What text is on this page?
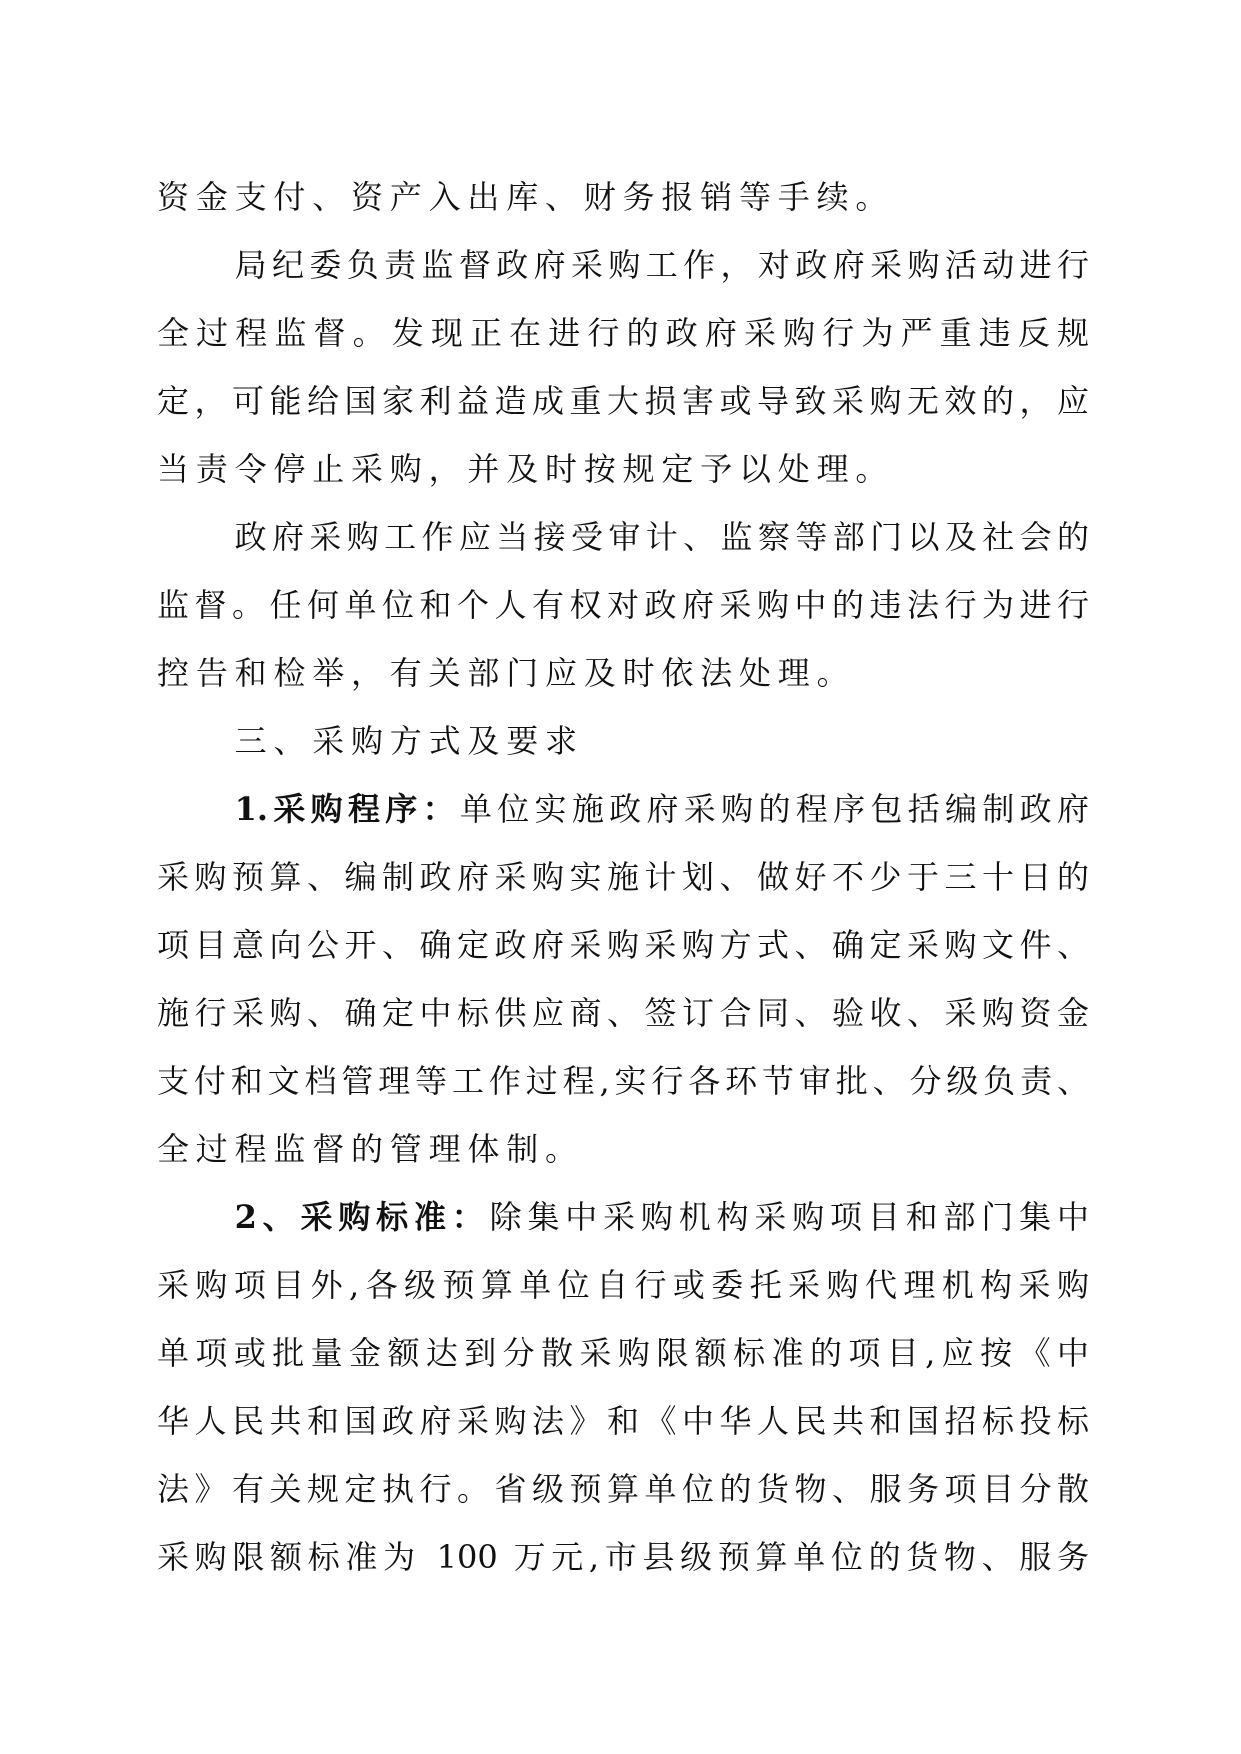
资金支付、资产入出库、财务报销等手续。
局纪委负责监督政府采购工作，对政府采购活动进行
全过程监督。发现正在进行的政府采购行为严重违反规
定，可能给国家利益造成重大损害或导致采购无效的，应
当责令停止采购，并及时按规定予以处理。
政府采购工作应当接受审计、监察等部门以及社会的
监督。任何单位和个人有权对政府采购中的违法行为进行
控告和检举，有关部门应及时依法处理。
三、采购方式及要求
1.采购程序：单位实施政府采购的程序包括编制政府
采购预算、编制政府采购实施计划、做好不少于三十日的
项目意向公开、确定政府采购采购方式、确定采购文件、
施行采购、确定中标供应商、签订合同、验收、采购资金
支付和文档管理等工作过程,实行各环节审批、分级负责、
全过程监督的管理体制。
2、采购标准：除集中采购机构采购项目和部门集中
采购项目外,各级预算单位自行或委托采购代理机构采购
单项或批量金额达到分散采购限额标准的项目,应按《中
华人民共和国政府采购法》和《中华人民共和国招标投标
法》有关规定执行。省级预算单位的货物、服务项目分散
采购限额标准为 100 万元,市县级预算单位的货物、服务
